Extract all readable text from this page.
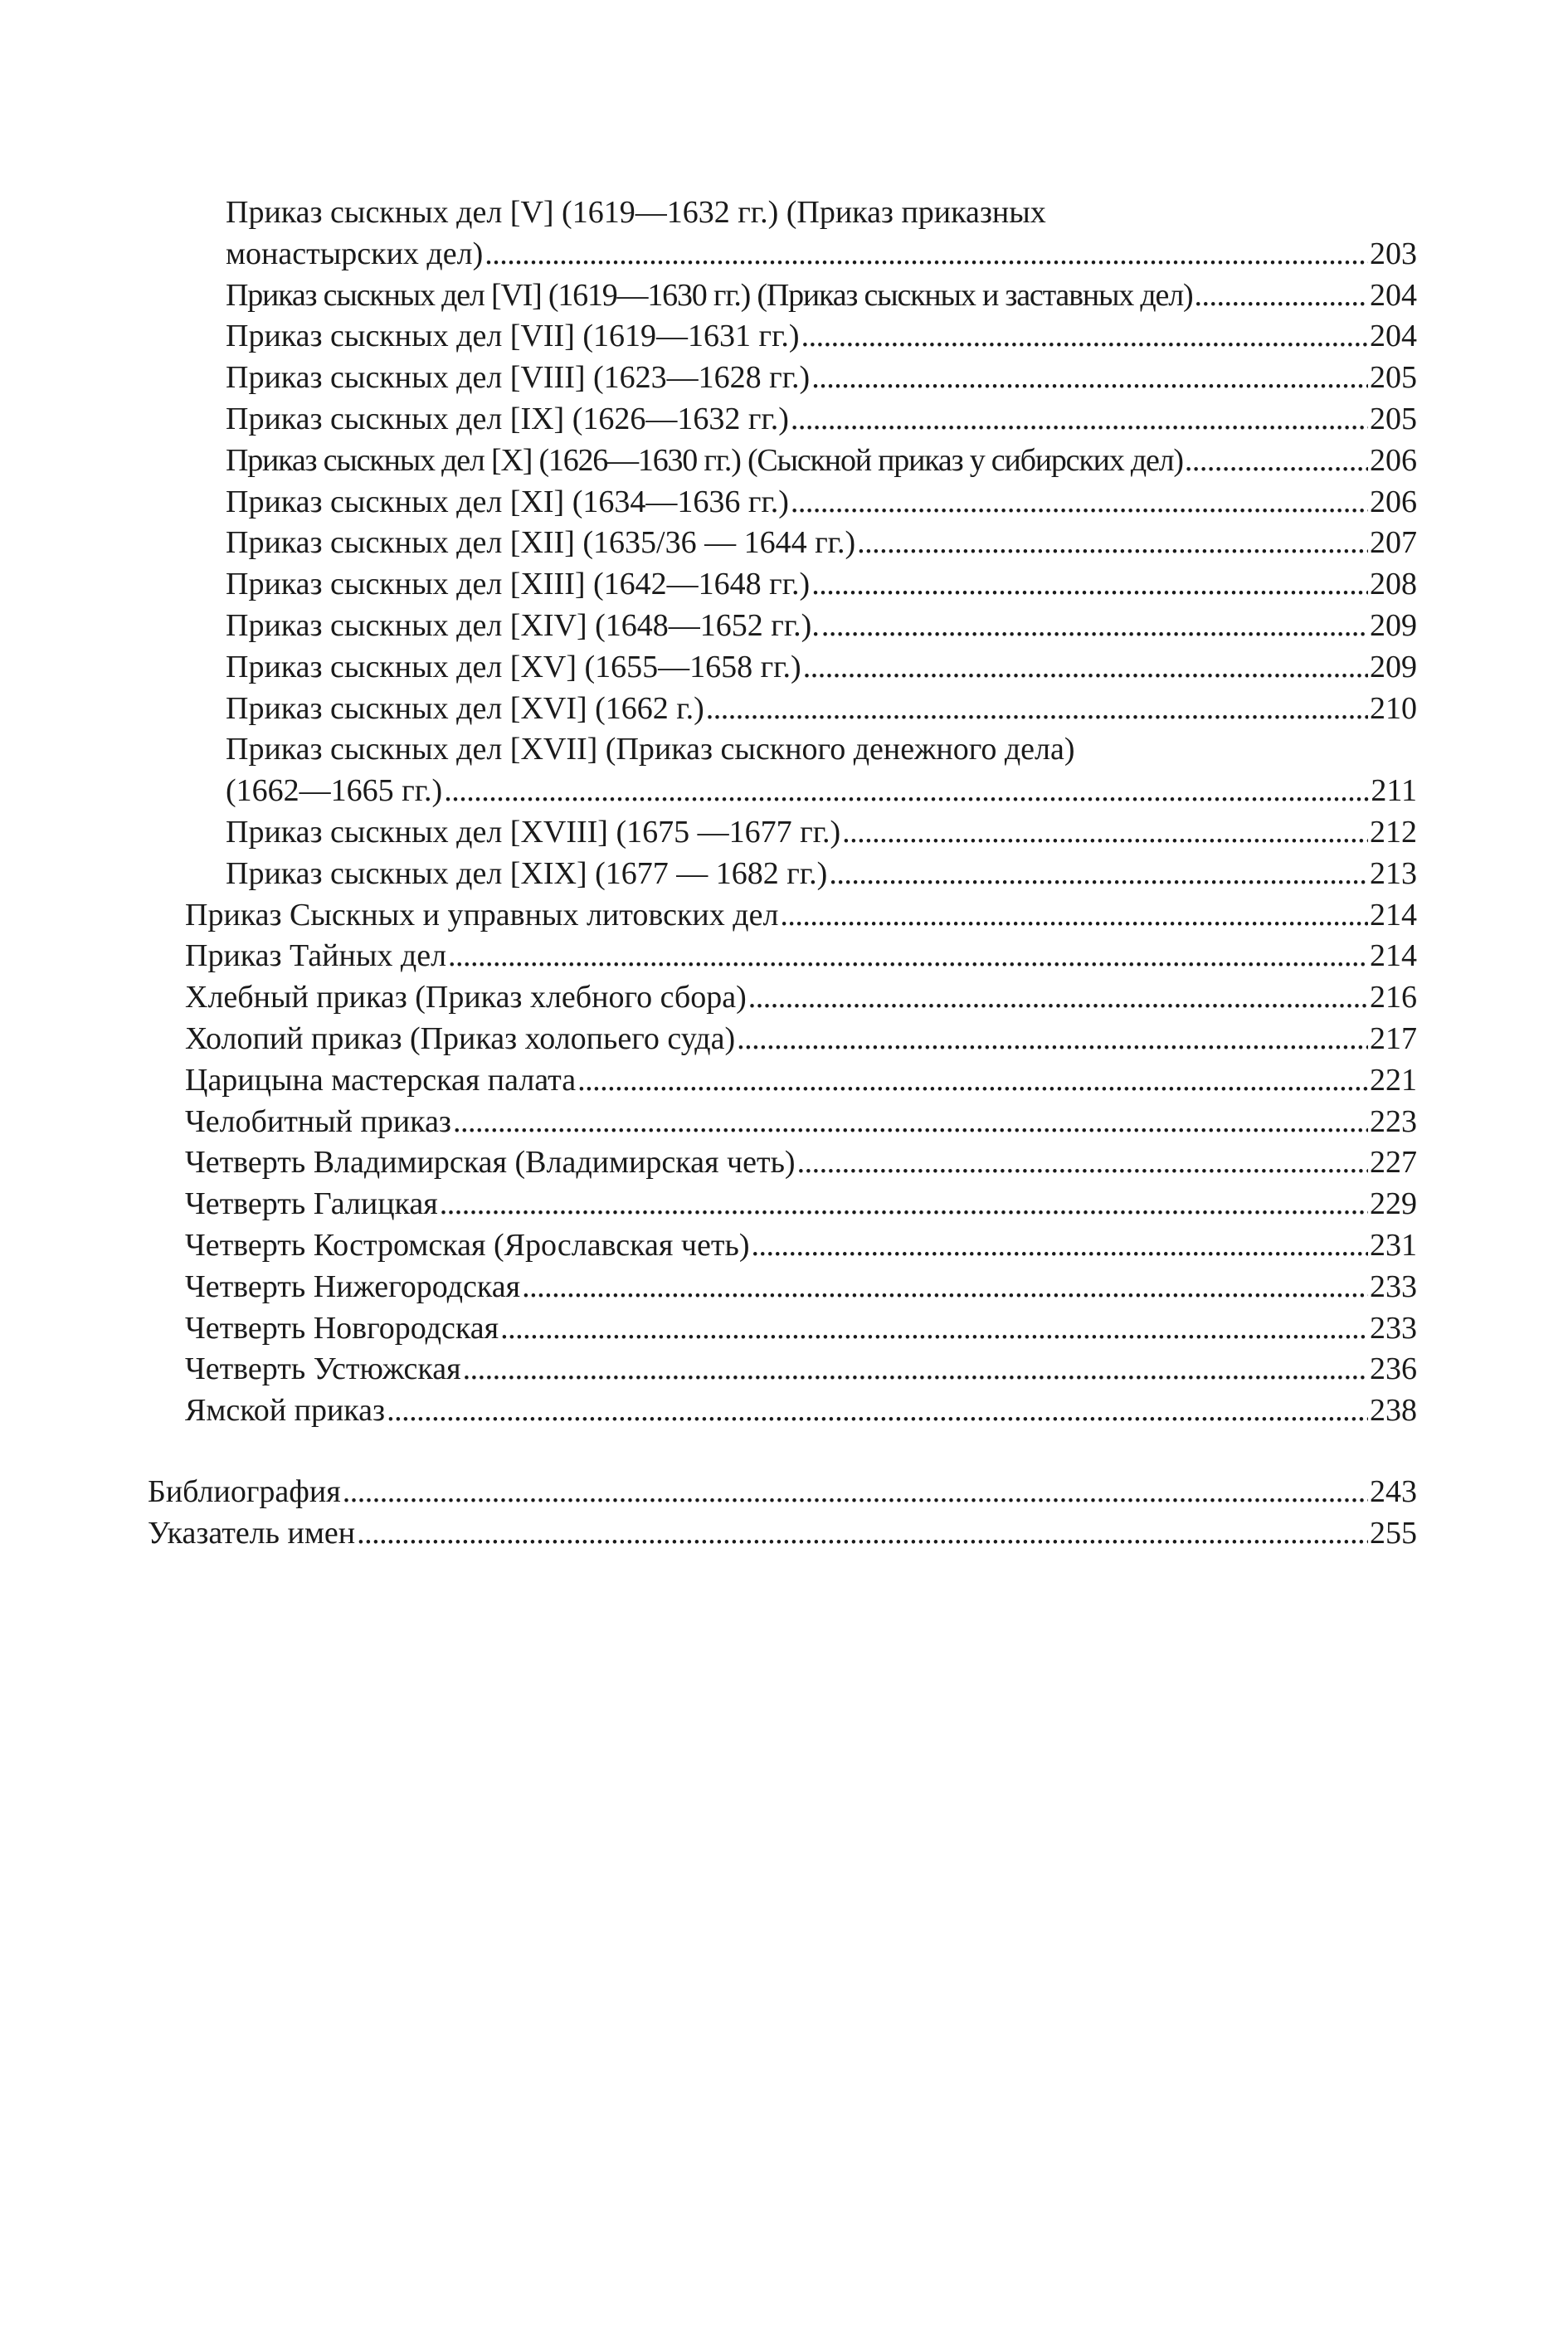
Приказ сыскных дел [V] (1619—1632 гг.) (Приказ приказных
монастырских дел) . . .	203
Приказ сыскных дел [VI] (1619—1630 гг.) (Приказ сыскных и заставных дел) . . .	204
Приказ сыскных дел [VII] (1619—1631 гг.) . . .	204
Приказ сыскных дел [VIII] (1623—1628 гг.) . . .	205
Приказ сыскных дел [IX] (1626—1632 гг.) . . .	205
Приказ сыскных дел [X] (1626—1630 гг.) (Сыскной приказ у сибирских дел) . . .	206
Приказ сыскных дел [XI] (1634—1636 гг.) . . .	206
Приказ сыскных дел [XII] (1635/36 — 1644 гг.) . . .	207
Приказ сыскных дел [XIII] (1642—1648 гг.) . . .	208
Приказ сыскных дел [XIV] (1648—1652 гг.). . . .	209
Приказ сыскных дел [XV] (1655—1658 гг.) . . .	209
Приказ сыскных дел [XVI] (1662 г.) . . .	210
Приказ сыскных дел [XVII] (Приказ сыскного денежного дела)
(1662—1665 гг.) . . .	211
Приказ сыскных дел [XVIII] (1675 —1677 гг.) . . .	212
Приказ сыскных дел [XIX] (1677 — 1682 гг.) . . .	213
Приказ Сыскных и управных литовских дел . . .	214
Приказ Тайных дел . . .	214
Хлебный приказ (Приказ хлебного сбора) . . .	216
Холопий приказ (Приказ холопьего суда) . . .	217
Царицына мастерская палата . . .	221
Челобитный приказ . . .	223
Четверть Владимирская (Владимирская четь) . . .	227
Четверть Галицкая . . .	229
Четверть Костромская (Ярославская четь) . . .	231
Четверть Нижегородская . . .	233
Четверть Новгородская . . .	233
Четверть Устюжская . . .	236
Ямской приказ . . .	238
Библиография . . .	243
Указатель имен . . .	255
